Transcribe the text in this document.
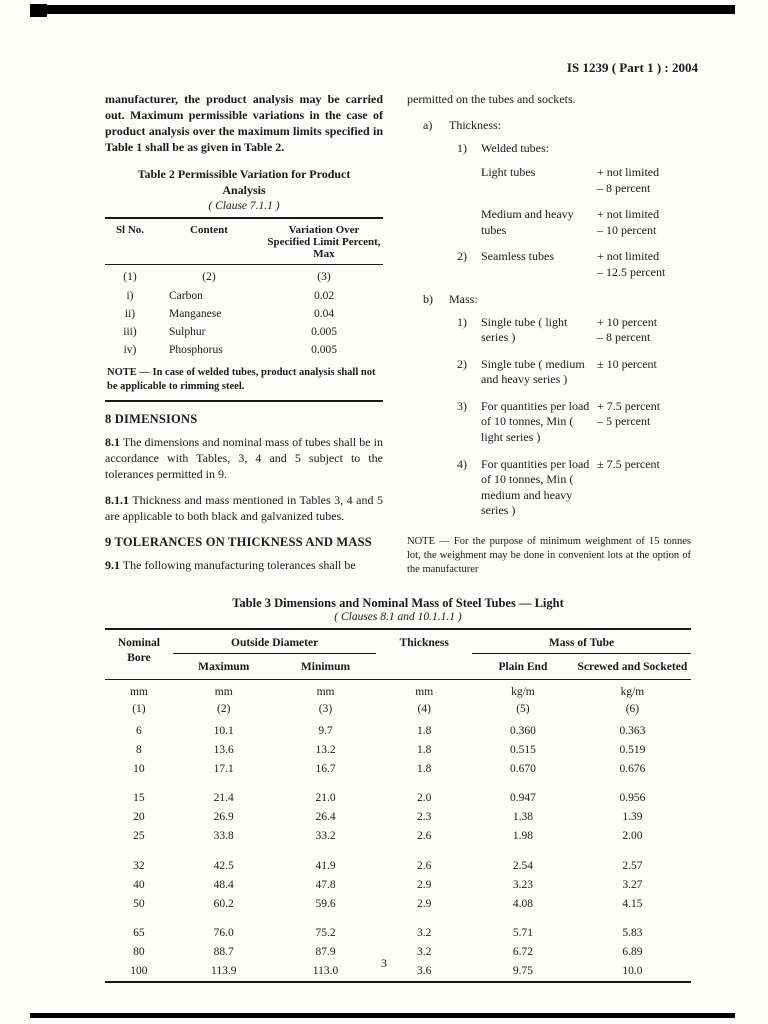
IS 1239 ( Part 1 ) : 2004

manufacturer, the product analysis may be carried out. Maximum permissible variations in the case of product analysis over the maximum limits specified in Table 1 shall be as given in Table 2.

Table 2 Permissible Variation for Product Analysis
( Clause 7.1.1 )
Sl No.	Content	Variation Over Specified Limit Percent, Max
(1)	(2)	(3)
i)	Carbon	0.02
ii)	Manganese	0.04
iii)	Sulphur	0.005
iv)	Phosphorus	0.005
NOTE — In case of welded tubes, product analysis shall not be applicable to rimming steel.		
8 DIMENSIONS

8.1 The dimensions and nominal mass of tubes shall be in accordance with Tables, 3, 4 and 5 subject to the tolerances permitted in 9.

8.1.1 Thickness and mass mentioned in Tables 3, 4 and 5 are applicable to both black and galvanized tubes.

9 TOLERANCES ON THICKNESS AND MASS

9.1 The following manufacturing tolerances shall be

permitted on the tubes and sockets.

a)	Thickness:
1)	Welded tubes:
Light tubes	+ not limited
– 8 percent
Medium and heavy tubes
+ not limited
– 10 percent
2)	Seamless tubes	+ not limited
– 12.5 percent
b)	Mass:
1)	Single tube ( light series )
+ 10 percent
– 8 percent
2)	Single tube ( medium and heavy series )
± 10 percent
3)	For quantities per load of 10 tonnes, Min ( light series )
+ 7.5 percent
– 5 percent
4)	For quantities per load of 10 tonnes, Min ( medium and heavy series )
± 7.5 percent

NOTE — For the purpose of minimum weighment of 15 tonnes lot, the weighment may be done in convenient lots at the option of the manufacturer

Table 3 Dimensions and Nominal Mass of Steel Tubes — Light
( Clauses 8.1 and 10.1.1.1 )
Nominal Bore	Outside Diameter		Thickness	Mass of Tube	
	Maximum	Minimum		Plain End	Screwed and Socketed
mm	mm	mm	mm	kg/m	kg/m
(1)	(2)	(3)	(4)	(5)	(6)
6	10.1	9.7	1.8	0.360	0.363
8	13.6	13.2	1.8	0.515	0.519
10	17.1	16.7	1.8	0.670	0.676
15	21.4	21.0	2.0	0.947	0.956
20	26.9	26.4	2.3	1.38	1.39
25	33.8	33.2	2.6	1.98	2.00
32	42.5	41.9	2.6	2.54	2.57
40	48.4	47.8	2.9	3.23	3.27
50	60.2	59.6	2.9	4.08	4.15
65	76.0	75.2	3.2	5.71	5.83
80	88.7	87.9	3.2	6.72	6.89
100	113.9	113.0	3.6	9.75	10.0
3
